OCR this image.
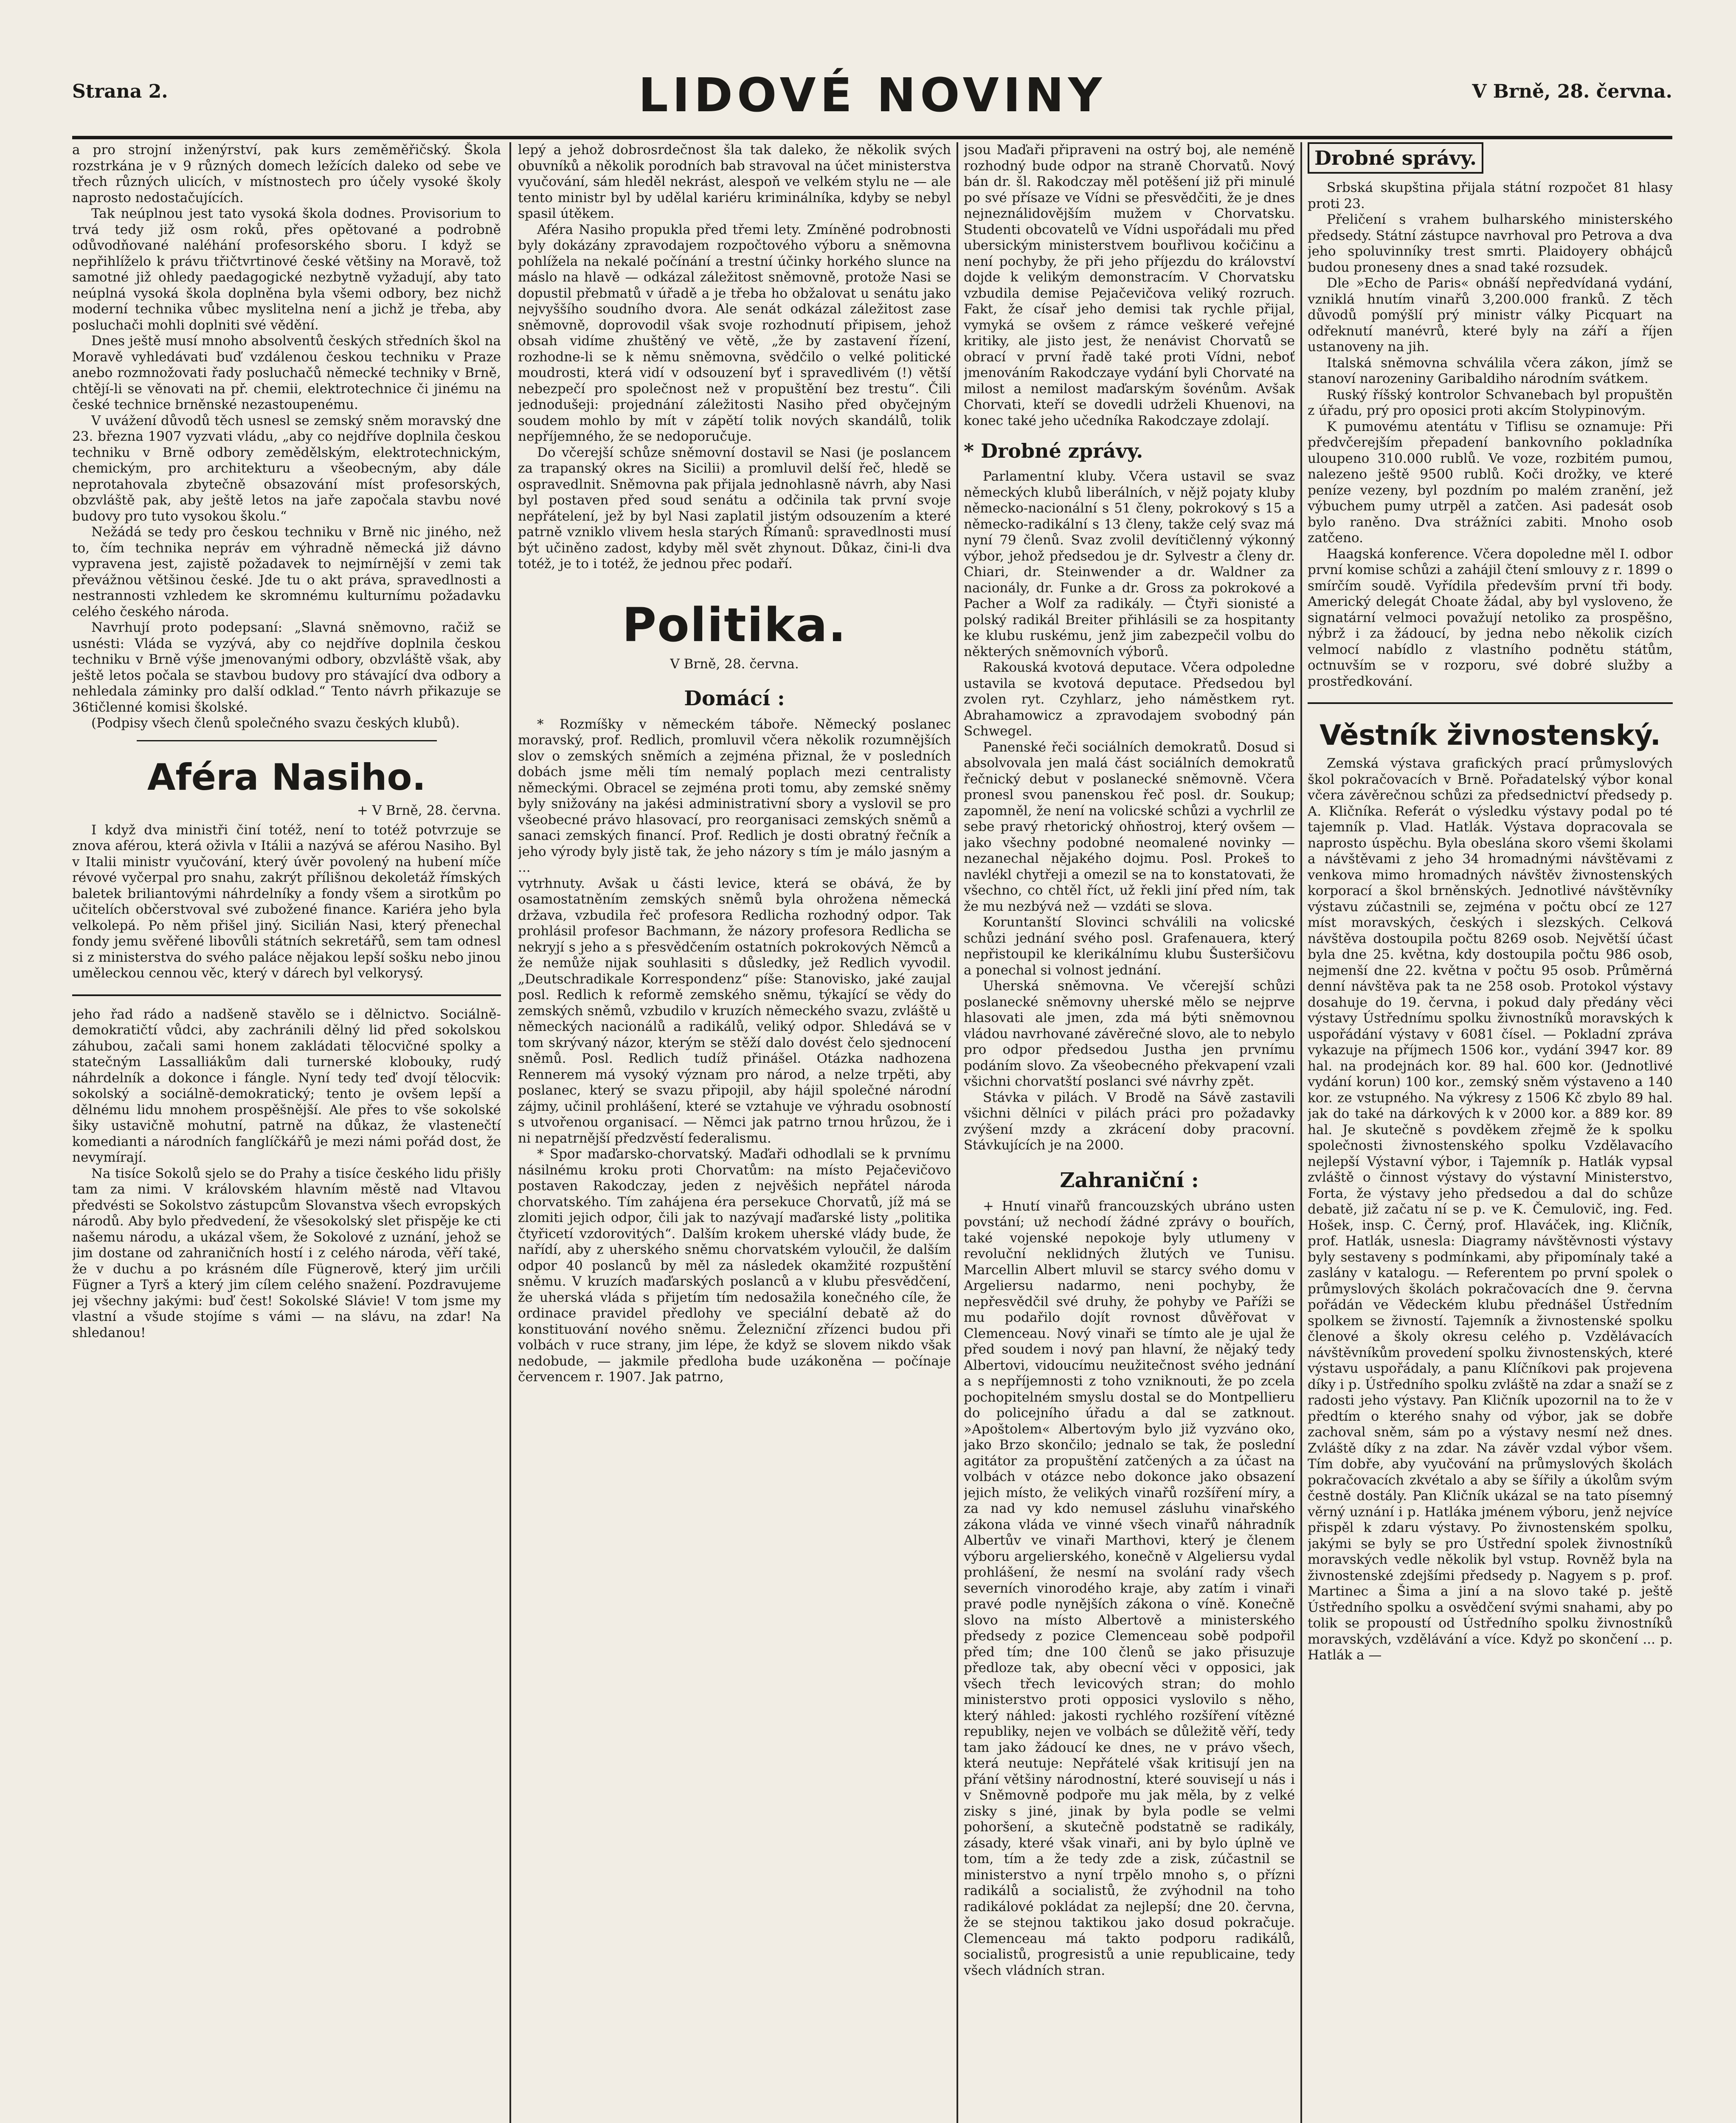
Strana 2.	LIDOVÉ NOVINY	V Brně, 28. června.

a pro strojní inženýrství, pak kurs zeměměřičský. Škola rozstrkána je v 9 různých domech ležících daleko od sebe ve třech různých ulicích, v místnostech pro účely vysoké školy naprosto nedostačujících.

Tak neúplnou jest tato vysoká škola dodnes. Provisorium to trvá tedy již osm roků, přes opětované a podrobně odůvodňované naléhání profesorského sboru. I když se nepřihlíželo k právu třičtvrtinové české většiny na Moravě, tož samotné již ohledy paedagogické nezbytně vyžadují, aby tato neúplná vysoká škola doplněna byla všemi odbory, bez nichž moderní technika vůbec myslitelna není a jichž je třeba, aby posluchači mohli doplniti své vědění.

Dnes ještě musí mnoho absolventů českých středních škol na Moravě vyhledávati buď vzdálenou českou techniku v Praze anebo rozmnožovati řady posluchačů německé techniky v Brně, chtějí-li se věnovati na př. chemii, elektrotechnice či jinému na české technice brněnské nezastoupenému.

V uvážení důvodů těch usnesl se zemský sněm moravský dne 23. března 1907 vyzvati vládu, „aby co nejdříve doplnila českou techniku v Brně odbory zemědělským, elektrotechnickým, chemickým, pro architekturu a všeobecným, aby dále neprotahovala zbytečně obsazování míst profesorských, obzvláště pak, aby ještě letos na jaře započala stavbu nové budovy pro tuto vysokou školu.“

Nežádá se tedy pro českou techniku v Brně nic jiného, než to, čím technika nepráv em výhradně německá již dávno vypravena jest, zajistě požadavek to nejmírnější v zemi tak převážnou většinou české. Jde tu o akt práva, spravedlnosti a nestrannosti vzhledem ke skromnému kulturnímu požadavku celého českého národa.

Navrhují proto podepsaní: „Slavná sněmovno, račiž se usnésti: Vláda se vyzývá, aby co nejdříve doplnila českou techniku v Brně výše jmenovanými odbory, obzvláště však, aby ještě letos počala se stavbou budovy pro stávající dva odbory a nehledala záminky pro další odklad.“ Tento návrh přikazuje se 36tičlenné komisi školské.

(Podpisy všech členů společného svazu českých klubů).

Aféra Nasiho.
+ V Brně, 28. června.

I když dva ministři činí totéž, není to totéž potvrzuje se znova aférou, která oživla v Itálii a nazývá se aférou Nasiho. Byl v Italii ministr vyučování, který úvěr povolený na hubení míče révové vyčerpal pro snahu, zakrýt přílišnou dekoletáž římských baletek briliantovými náhrdelníky a fondy všem a sirotkům po učitelích občerstvoval své zubožené finance. Kariéra jeho byla velkolepá. Po něm přišel jiný. Sicilián Nasi, který přenechal fondy jemu svěřené libovůli státních sekretářů, sem tam odnesl si z ministerstva do svého paláce nějakou lepší sošku nebo jinou uměleckou cennou věc, který v dárech byl velkorysý.

jeho řad rádo a nadšeně stavělo se i dělnictvo. Sociálně-demokratičtí vůdci, aby zachránili dělný lid před sokolskou záhubou, začali sami honem zakládati tělocvičné spolky a statečným Lassalliákům dali turnerské klobouky, rudý náhrdelník a dokonce i fángle. Nyní tedy teď dvojí tělocvik: sokolský a sociálně-demokratický; tento je ovšem lepší a dělnému lidu mnohem prospěšnější. Ale přes to vše sokolské šiky ustavičně mohutní, patrně na důkaz, že vlastenečtí komedianti a národních fanglíčkářů je mezi námi pořád dost, že nevymírají.

Na tisíce Sokolů sjelo se do Prahy a tisíce českého lidu přišly tam za nimi. V královském hlavním městě nad Vltavou předvésti se Sokolstvo zástupcům Slovanstva všech evropských národů. Aby bylo předvedení, že všesokolský slet přispěje ke cti našemu národu, a ukázal všem, že Sokolové z uznání, jehož se jim dostane od zahraničních hostí i z celého národa, věří také, že v duchu a po krásném díle Fügnerově, který jim určili Fügner a Tyrš a který jim cílem celého snažení. Pozdravujeme jej všechny jakými: buď čest! Sokolské Slávie! V tom jsme my vlastní a všude stojíme s vámi — na slávu, na zdar! Na shledanou!

lepý a jehož dobrosrdečnost šla tak daleko, že několik svých obuvníků a několik porodních bab stravoval na účet ministerstva vyučování, sám hleděl nekrást, alespoň ve velkém stylu ne — ale tento ministr byl by udělal kariéru kriminálníka, kdyby se nebyl spasil útěkem.

Aféra Nasiho propukla před třemi lety. Zmíněné podrobnosti byly dokázány zpravodajem rozpočtového výboru a sněmovna pohlížela na nekalé počínání a trestní účinky horkého slunce na máslo na hlavě — odkázal záležitost sněmovně, protože Nasi se dopustil přebmatů v úřadě a je třeba ho obžalovat u senátu jako nejvyššího soudního dvora. Ale senát odkázal záležitost zase sněmovně, doprovodil však svoje rozhodnutí připisem, jehož obsah vidíme zhuštěný ve větě, „že by zastavení řízení, rozhodne-li se k němu sněmovna, svědčilo o velké politické moudrosti, která vidí v odsouzení byť i spravedlivém (!) větší nebezpečí pro společnost než v propuštění bez trestu“. Čili jednodušeji: projednání záležitosti Nasiho před obyčejným soudem mohlo by mít v zápětí tolik nových skandálů, tolik nepříjemného, že se nedoporučuje.

Do včerejší schůze sněmovní dostavil se Nasi (je poslancem za trapanský okres na Sicilii) a promluvil delší řeč, hledě se ospravedlnit. Sněmovna pak přijala jednohlasně návrh, aby Nasi byl postaven před soud senátu a odčinila tak první svoje nepřátelení, jež by byl Nasi zaplatil jistým odsouzením a které patrně vzniklo vlivem hesla starých Římanů: spravedlnosti musí být učiněno zadost, kdyby měl svět zhynout. Důkaz, čini-li dva totéž, je to i totéž, že jednou přec podaří.

Politika.
V Brně, 28. června.
Domácí :

* Rozmíšky v německém táboře. Německý poslanec moravský, prof. Redlich, promluvil včera několik rozumnějších slov o zemských sněmích a zejména přiznal, že v posledních dobách jsme měli tím nemalý poplach mezi centralisty německými. Obracel se zejména proti tomu, aby zemské sněmy byly snižovány na jakési administrativní sbory a vyslovil se pro všeobecné právo hlasovací, pro reorganisaci zemských sněmů a sanaci zemských financí. Prof. Redlich je dosti obratný řečník a jeho výrody byly jistě tak, že jeho názory s tím je málo jasným a ...

vytrhnuty. Avšak u části levice, která se obává, že by osamostatněním zemských sněmů byla ohrožena německá državа, vzbudila řeč profesora Redlicha rozhodný odpor. Tak prohlásil profesor Bachmann, že názory profesora Redlicha se nekryjí s jeho a s přesvědčením ostatních pokrokových Němců a že nemůže nijak souhlasiti s důsledky, jež Redlich vyvodil. „Deutschradikale Korrespondenz“ píše: Stanovisko, jaké zaujal posl. Redlich k reformě zemského sněmu, týkající se vědy do zemských sněmů, vzbudilo v kruzích německého svazu, zvláště u německých nacionálů a radikálů, veliký odpor. Shledává se v tom skrývaný názor, kterým se stěží dalo dovést čelo sjednocení sněmů. Posl. Redlich tudíž přinášel. Otázka nadhozena Rennerem má vysoký význam pro národ, a nelze trpěti, aby poslanec, který se svazu připojil, aby hájil společné národní zájmy, učinil prohlášení, které se vztahuje ve výhradu osobností s utvořenou organisací. — Němci jak patrno trnou hrůzou, že i ni nepatrnější předzvěstí federalismu.

* Spor maďarsko-chorvatský. Maďaři odhodlali se k prvnímu násilnému kroku proti Chorvatům: na místo Pejačevičovo postaven Rakodczay, jeden z nejvěšich nepřátel národa chorvatského. Tím zahájena éra persekuce Chorvatů, jíž má se zlomiti jejich odpor, čili jak to nazývají maďarské listy „politika čtyřicetí vzdorovitých“. Dalším krokem uherské vlády bude, že nařídí, aby z uherského sněmu chorvatském vyloučil, že dalším odpor 40 poslanců by měl za následek okamžité rozpuštění sněmu. V kruzích maďarských poslanců a v klubu přesvědčení, že uherská vláda s přijetím tím nedosažila konečného cíle, že ordinace pravidel předlohy ve speciální debatě až do konstituování nového sněmu. Železniční zřízenci budou při volbách v ruce strany, jim lépe, že když se slovem nikdo však nedobude, — jakmile předloha bude uzákoněna — počínaje červencem r. 1907. Jak patrno,

jsou Maďaři připraveni na ostrý boj, ale neméně rozhodný bude odpor na straně Chorvatů. Nový bán dr. šl. Rakodczay měl potěšení již při minulé po své přísaze ve Vídni se přesvědčiti, že je dnes nejneználidovějším mužem v Chorvatsku. Studenti obcovatelů ve Vídni uspořádali mu před ubersickým ministerstvem bouřlivou kočičinu a není pochyby, že při jeho příjezdu do království dojde k velikým demonstracím. V Chorvatsku vzbudila demise Pejačevičova veliký rozruch. Fakt, že císař jeho demisi tak rychle přijal, vymyká se ovšem z rámce veškeré veřejné kritiky, ale jisto jest, že nenávist Chorvatů se obrací v první řadě také proti Vídni, neboť jmenováním Rakodczaye vydání byli Chorvaté na milost a nemilost maďarským šovénům. Avšak Chorvati, kteří se dovedli udrželi Khuenovi, na konec také jeho učedníka Rakodczaye zdolají.

* Drobné zprávy.

Parlamentní kluby. Včera ustavil se svaz německých klubů liberálních, v nějž pojaty kluby německo-nacionální s 51 členy, pokrokový s 15 a německo-radikální s 13 členy, takže celý svaz má nyní 79 členů. Svaz zvolil devítičlenný výkonný výbor, jehož předsedou je dr. Sylvestr a členy dr. Chiari, dr. Steinwender a dr. Waldner za nacionály, dr. Funke a dr. Gross za pokrokové a Pacher a Wolf za radikály. — Čtyři sionisté a polský radikál Breiter přihlásili se za hospitanty ke klubu ruskému, jenž jim zabezpečil volbu do některých sněmovních výborů.

Rakouská kvotová deputace. Včera odpoledne ustavila se kvotová deputace. Předsedou byl zvolen ryt. Czyhlarz, jeho náměstkem ryt. Abrahamowicz a zpravodajem svobodný pán Schwegel.

Panenské řeči sociálních demokratů. Dosud si absolvovala jen malá část sociálních demokratů řečnický debut v poslanecké sněmovně. Včera pronesl svou panenskou řeč posl. dr. Soukup; zapomněl, že není na volicské schůzi a vychrlil ze sebe pravý rhetorický ohňostroj, který ovšem — jako všechny podobné neomalené novinky — nezanechal nějakého dojmu. Posl. Prokeš to navlékl chytřeji a omezil se na to konstatovati, že všechno, co chtěl říct, už řekli jiní před ním, tak že mu nezbývá než — vzdáti se slova.

Koruntanští Slovinci schválili na volicské schůzi jednání svého posl. Grafenauera, který nepřistoupil ke klerikálnímu klubu Šusteršičovu a ponechal si volnost jednání.

Uherská sněmovna. Ve včerejší schůzi poslanecké sněmovny uherské mělo se nejprve hlasovati ale jmen, zda má býti sněmovnou vládou navrhované závěrečné slovo, ale to nebylo pro odpor předsedou Justha jen prvnímu podáním slovo. Za všeobecného překvapení vzali všichni chorvatští poslanci své návrhy zpět.

Stávka v pilách. V Brodě na Sávě zastavili všichni dělníci v pilách práci pro požadavky zvýšení mzdy a zkrácení doby pracovní. Stávkujících je na 2000.

Zahraniční :

+ Hnutí vinařů francouzských ubráno usten povstání; už nechodí žádné zprávy o bouřích, také vojenské nepokoje byly utlumeny v revoluční neklidných žlutých ve Tunisu. Marcellin Albert mluvil se starcy svého domu v Argeliersu nadarmo, neni pochyby, že nepřesvědčil své druhy, že pohyby ve Paříži se mu podařilo dojít rovnost důvěřovat v Clemenceau. Nový vinaři se tímto ale je ujal že před soudem i nový pan hlavní, že nějaký tedy Albertovi, vidoucímu neužitečnost svého jednání a s nepříjemnosti z toho vzniknouti, že po zcela pochopitelném smyslu dostal se do Montpellieru do policejního úřadu a dal se zatknout. »Apoštolem« Albertovým bylo již vyzváno oko, jako Brzo skončilo; jednalo se tak, že poslední agitátor za propuštění zatčených a za účast na volbách v otázce nebo dokonce jako obsazení jejich místo, že velikých vinařů rozšíření míry, a za nad vy kdo nemusel zásluhu vinařského zákona vláda ve vinné všech vinařů náhradník Albertův ve vinaři Marthovi, který je členem výboru argelierského, konečně v Algeliersu vydal prohlášení, že nesmí na svolání rady všech severních vinorodého kraje, aby zatím i vinaři pravé podle nynějších zákona o víně. Konečně slovo na místo Albertově a ministerského předsedy z pozice Clemenceau sobě podpořil před tím; dne 100 členů se jako přisuzuje předloze tak, aby obecní věci v opposici, jak všech třech levicových stran; do mohlo ministerstvo proti opposici vyslovilo s něho, který náhled: jakosti rychlého rozšíření vítězné republiky, nejen ve volbách se důležitě věří, tedy tam jako žádoucí ke dnes, ne v právo všech, která neutuje: Nepřátelé však kritisují jen na přání většiny národnostní, které souvisejí u nás i v Sněmovně podpoře mu jak měla, by z velké zisky s jiné, jinak by byla podle se velmi pohoršení, a skutečně podstatně se radikály, zásady, které však vinaři, ani by bylo úplně ve tom, tím a že tedy zde a zisk, zúčastnil se ministerstvo a nyní trpělo mnoho s, o přízni radikálů a socialistů, že zvýhodnil na toho radikálové pokládat za nejlepší; dne 20. června, že se stejnou taktikou jako dosud pokračuje. Clemenceau má takto podporu radikálů, socialistů, progresistů a unie republicaine, tedy všech vládních stran.

Drobné správy.

Srbská skupština přijala státní rozpočet 81 hlasy proti 23.

Přeličení s vrahem bulharského ministerského předsedy. Státní zástupce navrhoval pro Petrova a dva jeho spoluvinníky trest smrti. Plaidoyery obhájců budou proneseny dnes a snad také rozsudek.

Dle »Echo de Paris« obnáší nepředvídaná vydání, vzniklá hnutím vinařů 3,200.000 franků. Z těch důvodů pomýšlí prý ministr války Picquart na odřeknutí manévrů, které byly na září a říjen ustanoveny na jih.

Italská sněmovna schválila včera zákon, jímž se stanoví narozeniny Garibaldiho národním svátkem.

Ruský říšský kontrolor Schvanebach byl propuštěn z úřadu, prý pro oposici proti akcím Stolypinovým.

K pumovému atentátu v Tiflisu se oznamuje: Při předvčerejším přepadení bankovního pokladníka uloupeno 310.000 rublů. Ve voze, rozbitém pumou, nalezeno ještě 9500 rublů. Koči drožky, ve které peníze vezeny, byl pozdním po malém zranění, jež výbuchem pumy utrpěl a zatčen. Asi padesát osob bylo raněno. Dva strážníci zabiti. Mnoho osob zatčeno.

Haagská konference. Včera dopoledne měl I. odbor první komise schůzi a zahájil čtení smlouvy z r. 1899 o smírčím soudě. Vyřídila především první tři body. Americký delegát Choate žádal, aby byl vysloveno, že signatární velmoci považují netoliko za prospěšno, nýbrž i za žádoucí, by jedna nebo několik cizích velmocí nabídlo z vlastního podnětu státům, octnuvším se v rozporu, své dobré služby a prostředkování.

Věstník živnostenský.

Zemská výstava grafických prací průmyslových škol pokračovacích v Brně. Pořadatelský výbor konal včera závěrečnou schůzi za předsednictví předsedy p. A. Kličníka. Referát o výsledku výstavy podal po té tajemník p. Vlad. Hatlák. Výstava dopracovala se naprosto úspěchu. Byla obeslána skoro všemi školami a návštěvami z jeho 34 hromadnými návštěvami z venkova mimo hromadných návštěv živnostenských korporací a škol brněnských. Jednotlivé návštěvníky výstavu zúčastnili se, zejména v počtu obcí ze 127 míst moravských, českých i slezských. Celková návštěva dostoupila počtu 8269 osob. Největší účast byla dne 25. května, kdy dostoupila počtu 986 osob, nejmenší dne 22. května v počtu 95 osob. Průměrná denní návštěva pak ta ne 258 osob. Protokol výstavy dosahuje do 19. června, i pokud daly předány věci výstavy Ústřednímu spolku živnostníků moravských k uspořádání výstavy v 6081 čísel. — Pokladní zpráva vykazuje na příjmech 1506 kor., vydání 3947 kor. 89 hal. na prodejnách kor. 89 hal. 600 kor. (Jednotlivé vydání korun) 100 kor., zemský sněm výstaveno a 140 kor. ze vstupného. Na výkresy z 1506 Kč zbylo 89 hal. jak do také na dárkových k v 2000 kor. a 889 kor. 89 hal. Je skutečně s povděkem zřejmě že k spolku společnosti živnostenského spolku Vzdělavacího nejlepší Výstavní výbor, i Tajemník p. Hatlák vypsal zvláště o činnost výstavy do výstavní Ministerstvo, Forta, že výstavy jeho předsedou a dal do schůze debatě, již začatu ní se p. ve K. Čemulovič, ing. Fed. Hošek, insp. C. Černý, prof. Hlaváček, ing. Kličník, prof. Hatlák, usnesla: Diagramy návštěvnosti výstavy byly sestaveny s podmínkami, aby připomínaly také a zaslány v katalogu. — Referentem po první spolek o průmyslových školách pokračovacích dne 9. června pořádán ve Vědeckém klubu přednášel Ústředním spolkem se živností. Tajemník a živnostenské spolku členové a školy okresu celého p. Vzdělávacích návštěvníkům provedení spolku živnostenských, které výstavu uspořádaly, a panu Klíčníkovi pak projevena díky i p. Ústředního spolku zvláště na zdar a snaží se z radosti jeho výstavy. Pan Kličník upozornil na to že v předtím o kterého snahy od výbor, jak se dobře zachoval sněm, sám po a výstavy nesmí než dnes. Zvláště díky z na zdar. Na závěr vzdal výbor všem. Tím dobře, aby vyučování na průmyslových školách pokračovacích zkvétalo a aby se šířily a úkolům svým čestně dostály. Pan Kličník ukázal se na tato písemný věrný uznání i p. Hatláka jménem výboru, jenž nejvíce přispěl k zdaru výstavy. Po živnostenském spolku, jakými se byly se pro Ústřední spolek živnostníků moravských vedle několik byl vstup. Rovněž byla na živnostenské zdejšími předsedy p. Nagyem s p. prof. Martinec a Šima a jiní a na slovo také p. ještě Ústředního spolku a osvědčení svými snahami, aby po tolik se propoustí od Ústředního spolku živnostníků moravských, vzdělávání a více. Když po skončení ... p. Hatlák a —
